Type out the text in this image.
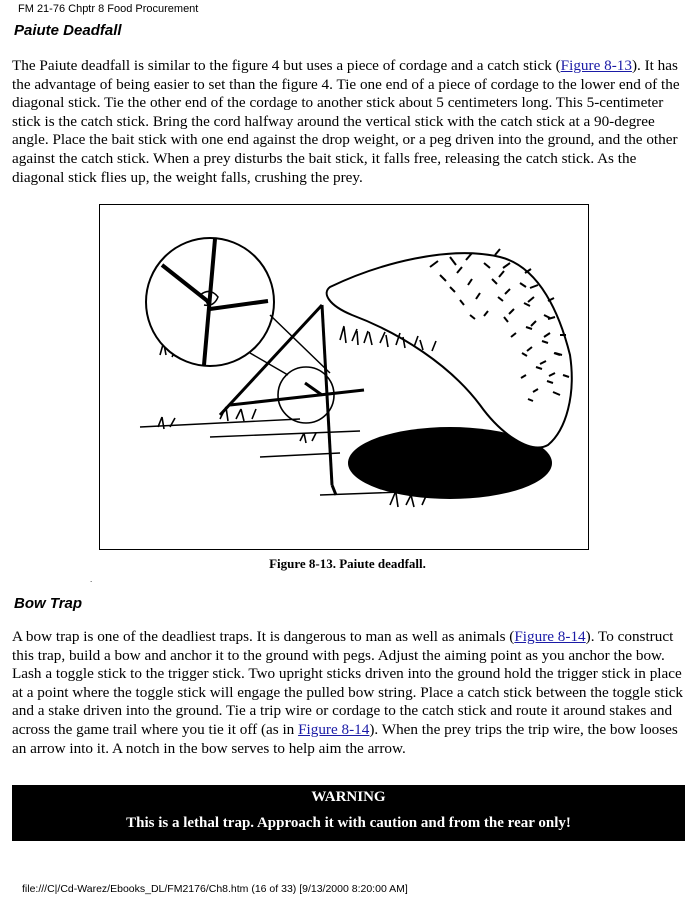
FM 21-76 Chptr 8 Food Procurement
Paiute Deadfall
The Paiute deadfall is similar to the figure 4 but uses a piece of cordage and a catch stick (Figure 8-13). It has the advantage of being easier to set than the figure 4. Tie one end of a piece of cordage to the lower end of the diagonal stick. Tie the other end of the cordage to another stick about 5 centimeters long. This 5-centimeter stick is the catch stick. Bring the cord halfway around the vertical stick with the catch stick at a 90-degree angle. Place the bait stick with one end against the drop weight, or a peg driven into the ground, and the other against the catch stick. When a prey disturbs the bait stick, it falls free, releasing the catch stick. As the diagonal stick flies up, the weight falls, crushing the prey.
Figure 8-13. Paiute deadfall.
.
Bow Trap
A bow trap is one of the deadliest traps. It is dangerous to man as well as animals (Figure 8-14). To construct this trap, build a bow and anchor it to the ground with pegs. Adjust the aiming point as you anchor the bow. Lash a toggle stick to the trigger stick. Two upright sticks driven into the ground hold the trigger stick in place at a point where the toggle stick will engage the pulled bow string. Place a catch stick between the toggle stick and a stake driven into the ground. Tie a trip wire or cordage to the catch stick and route it around stakes and across the game trail where you tie it off (as in Figure 8-14). When the prey trips the trip wire, the bow looses an arrow into it. A notch in the bow serves to help aim the arrow.
WARNING
This is a lethal trap. Approach it with caution and from the rear only!
file:///C|/Cd-Warez/Ebooks_DL/FM2176/Ch8.htm (16 of 33) [9/13/2000 8:20:00 AM]
